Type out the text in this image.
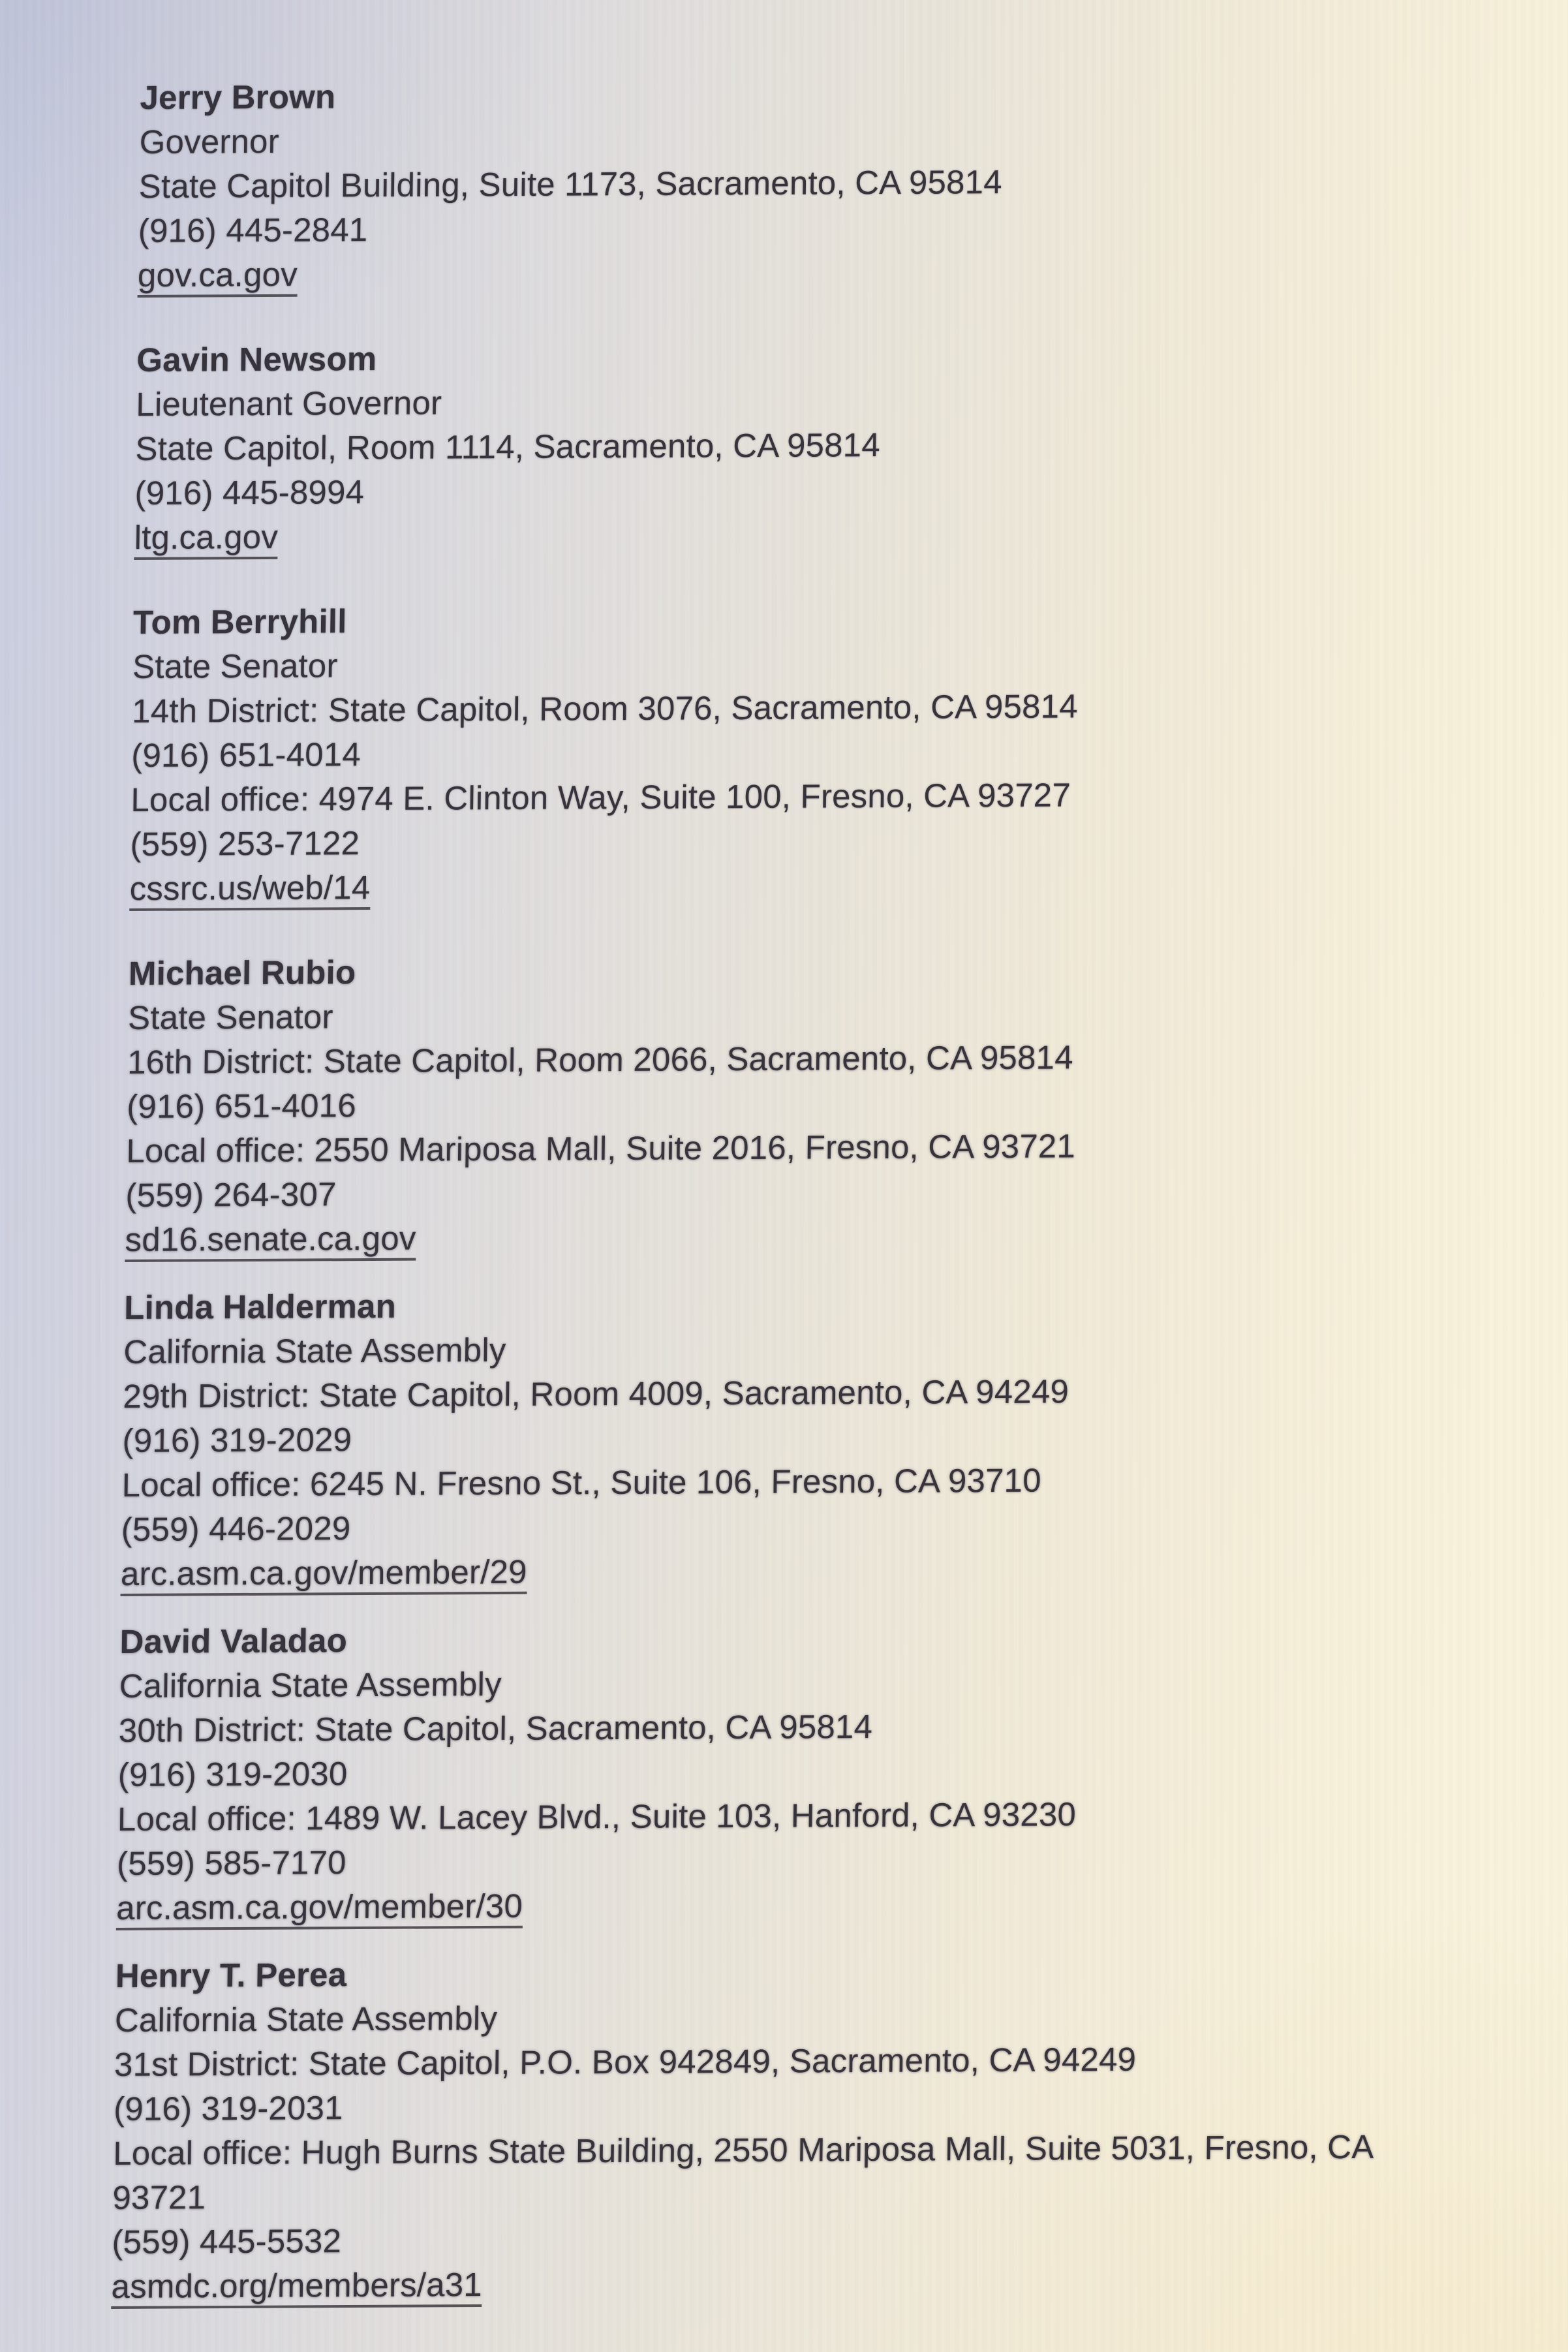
Jerry Brown
Governor
State Capitol Building, Suite 1173, Sacramento, CA 95814
(916) 445-2841
gov.ca.gov
Gavin Newsom
Lieutenant Governor
State Capitol, Room 1114, Sacramento, CA 95814
(916) 445-8994
ltg.ca.gov
Tom Berryhill
State Senator
14th District: State Capitol, Room 3076, Sacramento, CA 95814
(916) 651-4014
Local office: 4974 E. Clinton Way, Suite 100, Fresno, CA 93727
(559) 253-7122
cssrc.us/web/14
Michael Rubio
State Senator
16th District: State Capitol, Room 2066, Sacramento, CA 95814
(916) 651-4016
Local office: 2550 Mariposa Mall, Suite 2016, Fresno, CA 93721
(559) 264-307
sd16.senate.ca.gov
Linda Halderman
California State Assembly
29th District: State Capitol, Room 4009, Sacramento, CA 94249
(916) 319-2029
Local office: 6245 N. Fresno St., Suite 106, Fresno, CA 93710
(559) 446-2029
arc.asm.ca.gov/member/29
David Valadao
California State Assembly
30th District: State Capitol, Sacramento, CA 95814
(916) 319-2030
Local office: 1489 W. Lacey Blvd., Suite 103, Hanford, CA 93230
(559) 585-7170
arc.asm.ca.gov/member/30
Henry T. Perea
California State Assembly
31st District: State Capitol, P.O. Box 942849, Sacramento, CA 94249
(916) 319-2031
Local office: Hugh Burns State Building, 2550 Mariposa Mall, Suite 5031, Fresno, CA
93721
(559) 445-5532
asmdc.org/members/a31
